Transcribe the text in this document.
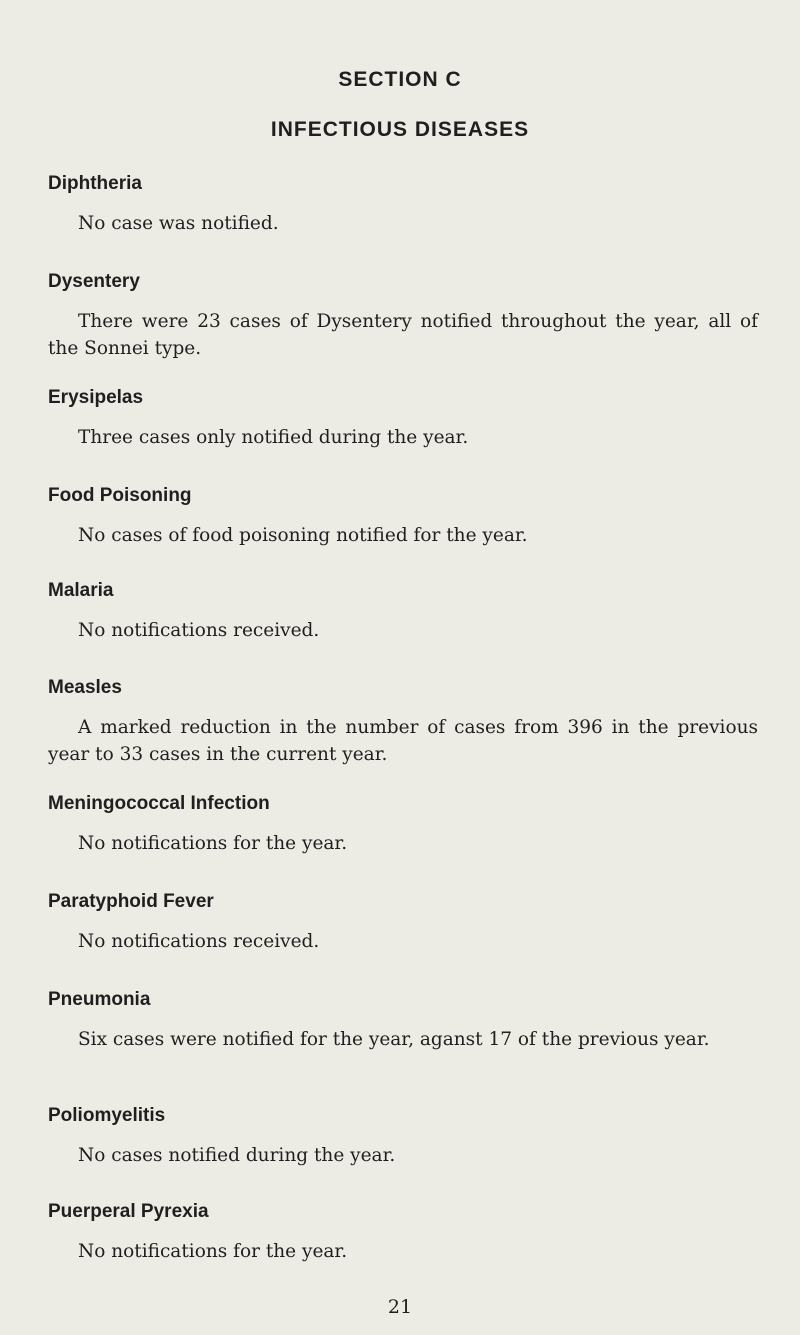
SECTION C
INFECTIOUS DISEASES
Diphtheria

No case was notified.

Dysentery

There were 23 cases of Dysentery notified throughout the year, all of the Sonnei type.

Erysipelas

Three cases only notified during the year.

Food Poisoning

No cases of food poisoning notified for the year.

Malaria

No notifications received.

Measles

A marked reduction in the number of cases from 396 in the previous year to 33 cases in the current year.

Meningococcal Infection

No notifications for the year.

Paratyphoid Fever

No notifications received.

Pneumonia

Six cases were notified for the year, aganst 17 of the previous year.

Poliomyelitis

No cases notified during the year.

Puerperal Pyrexia

No notifications for the year.

21
